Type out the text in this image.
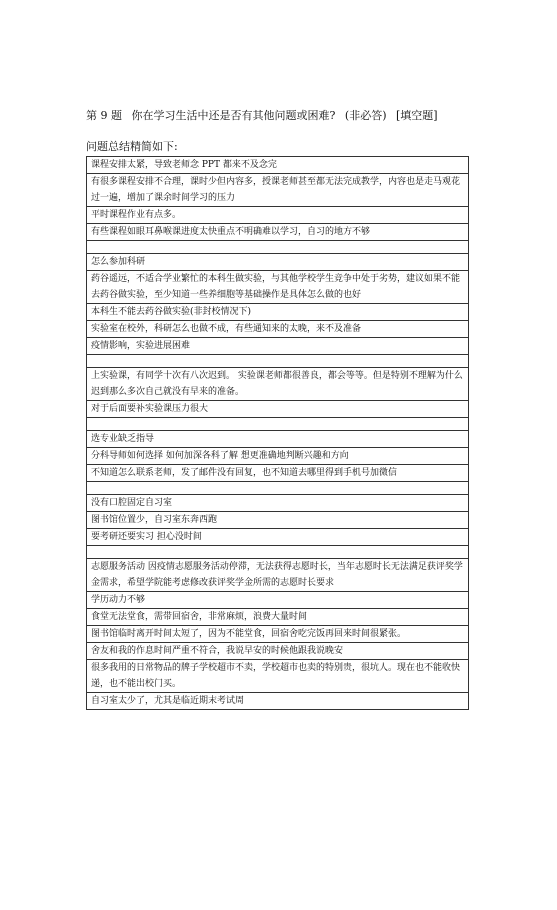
第 9 题 你在学习生活中还是否有其他问题或困难? (非必答) [填空题]
问题总结精简如下:
课程安排太紧，导致老师念 PPT 都来不及念完
有很多课程安排不合理，课时少但内容多，授课老师甚至都无法完成教学，内容也是走马观花过一遍，增加了课余时间学习的压力
平时课程作业有点多。
有些课程如眼耳鼻喉课进度太快重点不明确难以学习，自习的地方不够

怎么参加科研
药谷遥远，不适合学业繁忙的本科生做实验，与其他学校学生竞争中处于劣势，建议如果不能去药谷做实验，至少知道一些养细胞等基础操作是具体怎么做的也好
本科生不能去药谷做实验(非封校情况下)
实验室在校外，科研怎么也做不成，有些通知来的太晚，来不及准备
疫情影响，实验进展困难

上实验课，有同学十次有八次迟到。 实验课老师都很善良，都会等等。但是特别不理解为什么迟到那么多次自己就没有早来的准备。
对于后面要补实验课压力很大

选专业缺乏指导
分科导师如何选择 如何加深各科了解 想更准确地判断兴趣和方向
不知道怎么联系老师，发了邮件没有回复，也不知道去哪里得到手机号加微信

没有口腔固定自习室
图书馆位置少，自习室东奔西跑
要考研还要实习 担心没时间

志愿服务活动 因疫情志愿服务活动停滞，无法获得志愿时长，当年志愿时长无法满足获评奖学金需求，希望学院能考虑修改获评奖学金所需的志愿时长要求
学历动力不够
食堂无法堂食，需带回宿舍，非常麻烦，浪费大量时间
图书馆临时离开时间太短了，因为不能堂食，回宿舍吃完饭再回来时间很紧张。
舍友和我的作息时间严重不符合，我说早安的时候他跟我说晚安
很多我用的日常物品的牌子学校超市不卖，学校超市也卖的特别贵，很坑人。现在也不能收快递，也不能出校门买。
自习室太少了，尤其是临近期末考试周
